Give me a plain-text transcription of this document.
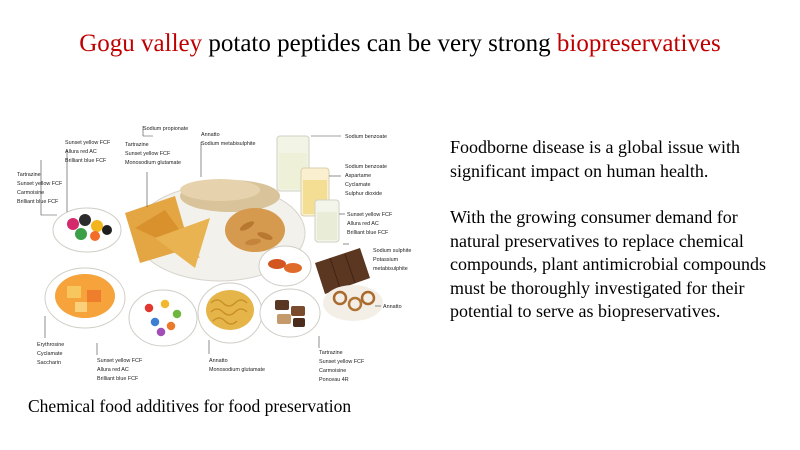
Gogu valley potato peptides can be very strong biopreservatives
Tartrazine
Sunset yellow FCF
Carmoisine
Brilliant blue FCF
Sunset yellow FCF
Allura red AC
Brilliant blue FCF
Tartrazine
Sunset yellow FCF
Monosodium glutamate
Sodium propionate
Annatto
Sodium metabisulphite
Sodium benzoate
Sodium benzoate
Aspartame
Cyclamate
Sulphur dioxide
Sunset yellow FCF
Allura red AC
Brilliant blue FCF
Sodium sulphite
Potassium
metabisulphite
Annatto
Erythrosine
Cyclamate
Saccharin	Sunset yellow FCF
Allura red AC
Brilliant blue FCF
Annatto
Monosodium glutamate
Tartrazine
Sunset yellow FCF
Carmoisine
Ponceau 4R
Chemical food additives for food preservation

Foodborne disease is a global issue with significant impact on human health.

With the growing consumer demand for natural preservatives to replace chemical compounds, plant antimicrobial compounds must be thoroughly investigated for their potential to serve as biopreservatives.
